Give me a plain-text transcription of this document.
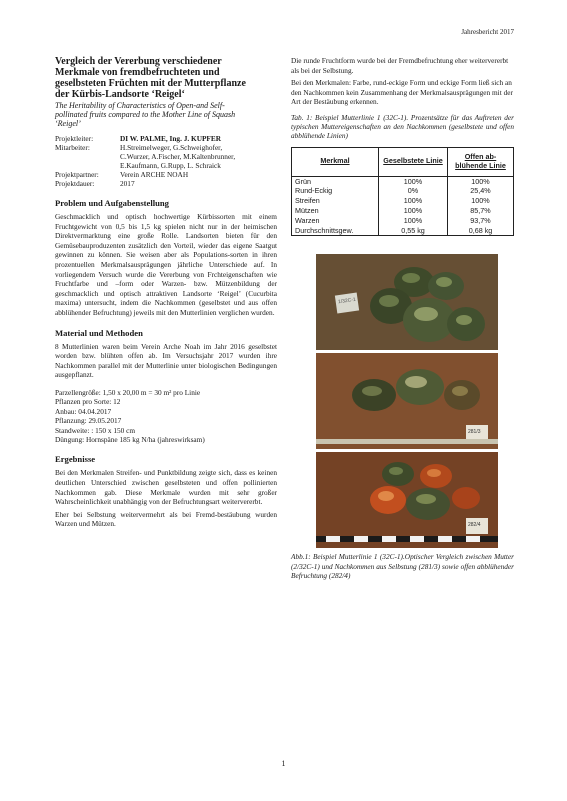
Jahresbericht 2017
Vergleich der Vererbung verschiedener
Merkmale von fremdbefruchteten und
geselbsteten Früchten mit der Mutterpflanze
der Kürbis-Landsorte ‘Reigel‘
The Heritability of Characteristics of Open-and Self-
pollinated fruits compared to the Mother Line of Squash
‘Reigel’
Projektleiter:	DI W. PALME, Ing. J. KUPFER
Mitarbeiter:	H.Streimelweger, G.Schweighofer,
C.Wurzer, A.Fischer, M.Kaltenbrunner,
E.Kaufmann, G.Rupp, L. Schraick
Projektpartner:	Verein ARCHE NOAH
Projektdauer:	2017
Problem und Aufgabenstellung

Geschmacklich und optisch hochwertige Kürbissorten mit einem Fruchtgewicht von 0,5 bis 1,5 kg spielen nicht nur in der heimischen Direktvermarktung eine große Rolle. Landsorten bieten für den Gemüsebauproduzenten zusätzlich den Vorteil, wieder das eigene Saatgut gewinnen zu können. Sie weisen aber als Populations-sorten in ihren prozentuellen Merkmalsausprägungen jährliche Unterschiede auf. In vorliegendem Versuch wurde die Vererbung von Frchteigenschaften wie Fruchtfarbe und –form oder Warzen- bzw. Mützenbildung der geschmacklich und optisch attraktiven Landsorte ‘Reigel’ (Cucurbita maxima) untersucht, indem die Nachkommen (geselbstet und aus offen abblühender Befruchtung) jeweils mit den Mutterlinien verglichen wurden.

Material und Methoden

8 Mutterlinien waren beim Verein Arche Noah im Jahr 2016 geselbstet worden bzw. blühten offen ab. Im Versuchsjahr 2017 wurden ihre Nachkommen parallel mit der Mutterlinie unter biologischen Bedingungen ausgepflanzt.

Parzellengröße: 1,50 x 20,00 m = 30 m² pro Linie
Pflanzen pro Sorte: 12
Anbau: 04.04.2017
Pflanzung: 29.05.2017
Standweite: : 150 x 150 cm
Düngung: Hornspäne 185 kg N/ha (jahreswirksam)
Ergebnisse

Bei den Merkmalen Streifen- und Punktbildung zeigte sich, dass es keinen deutlichen Unterschied zwischen geselbsteten und offen pollinierten Nachkommen gab. Diese Merkmale wurden mit sehr großer Wahrscheinlichkeit unabhängig von der Befruchtungsart weitervererbt.

Eher bei Selbstung weitervermehrt als bei Fremd-bestäubung wurden Warzen und Mützen.

Die runde Fruchtform wurde bei der Fremdbefruchtung eher weitervererbt als bei der Selbstung.

Bei den Merkmalen: Farbe, rund-eckige Form und eckige Form ließ sich an den Nachkommen kein Zusammenhang der Merkmalsausprägungen mit der Art der Bestäubung erkennen.

Tab. 1: Beispiel Mutterlinie 1 (32C-1). Prozentsätze für das Auftreten der typischen Muttereigenschaften an den Nachkommen (geselbstete und offen abblühende Linien)
Merkmal	Geselbstete Linie	Offen ab-blühende Linie
Grün	100%	100%
Rund-Eckig	0%	25,4%
Streifen	100%	100%
Mützen	100%	85,7%
Warzen	100%	93,7%
Durchschnittsgew.	0,55 kg	0,68 kg
1/32C-1
281/3
282/4
Abb.1: Beispiel Mutterlinie 1 (32C-1).Optischer Vergleich zwischen Mutter (2/32C-1) und Nachkommen aus Selbstung (281/3) sowie offen abblühender Befruchtung (282/4)
1
